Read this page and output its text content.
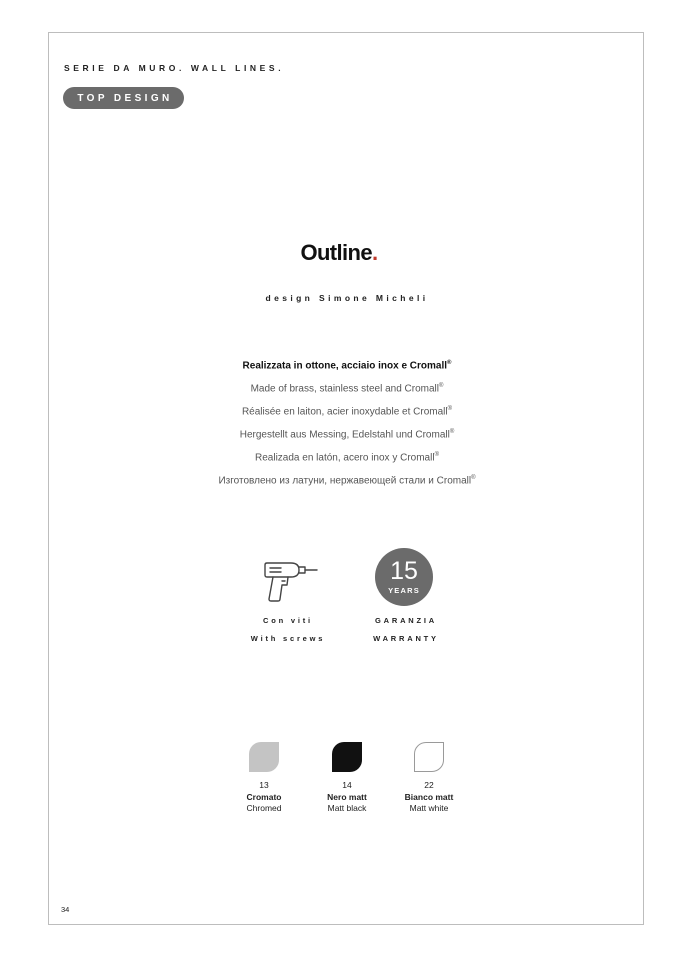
SERIE DA MURO. WALL LINES.
TOP DESIGN
Outline.
design Simone Micheli
Realizzata in ottone, acciaio inox e Cromall®
Made of brass, stainless steel and Cromall®
Réalisée en laiton, acier inoxydable et Cromall®
Hergestellt aus Messing, Edelstahl und Cromall®
Realizada en latón, acero inox y Cromall®
Изготовлено из латуни, нержавеющей стали и Cromall®
15
YEARS
Con viti
With screws
GARANZIA
WARRANTY
13
Cromato
Chromed
14
Nero matt
Matt black
22
Bianco matt
Matt white
34
